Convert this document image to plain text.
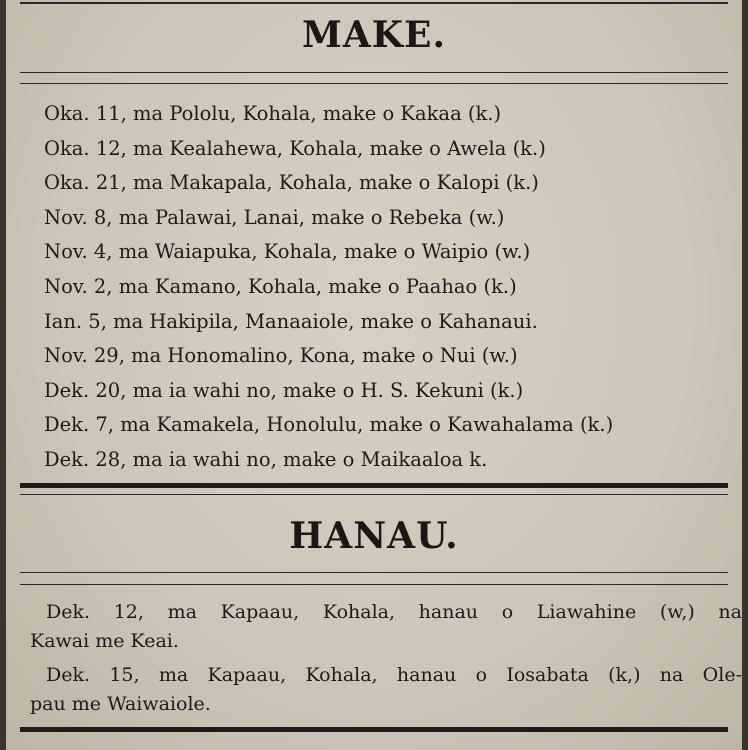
MAKE.
Oka. 11, ma Pololu, Kohala, make o Kakaa (k.)
Oka. 12, ma Kealahewa, Kohala, make o Awela (k.)
Oka. 21, ma Makapala, Kohala, make o Kalopi (k.)
Nov. 8, ma Palawai, Lanai, make o Rebeka (w.)
Nov. 4, ma Waiapuka, Kohala, make o Waipio (w.)
Nov. 2, ma Kamano, Kohala, make o Paahao (k.)
Ian. 5, ma Hakipila, Manaaiole, make o Kahanaui.
Nov. 29, ma Honomalino, Kona, make o Nui (w.)
Dek. 20, ma ia wahi no, make o H. S. Kekuni (k.)
Dek. 7, ma Kamakela, Honolulu, make o Kawahalama (k.)
Dek. 28, ma ia wahi no, make o Maikaaloa k.
HANAU.

Dek. 12, ma Kapaau, Kohala, hanau o Liawahine (w,) na
Kawai me Keai.

Dek. 15, ma Kapaau, Kohala, hanau o Iosabata (k,) na Ole-
pau me Waiwaiole.
